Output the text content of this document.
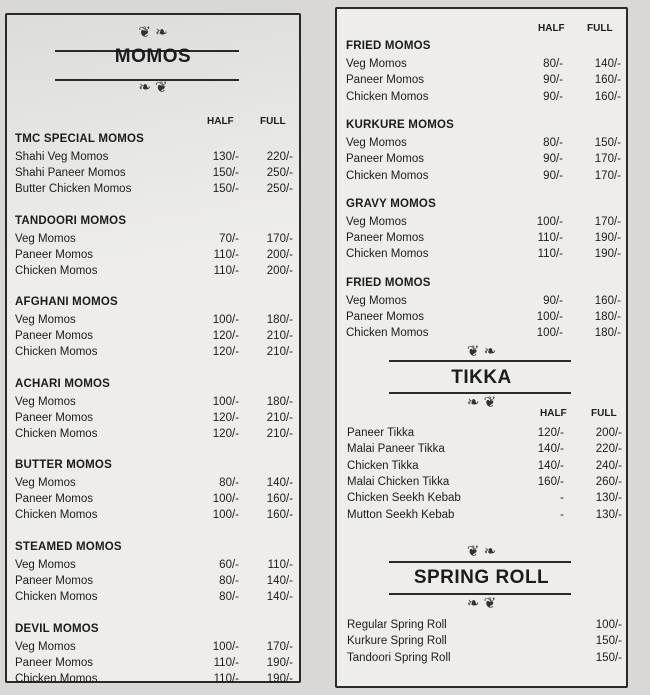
❦ ❧
MOMOS
❧ ❦
HALF	FULL
TMC SPECIAL MOMOS
Shahi Veg Momos	130/- 220/-
Shahi Paneer Momos	150/- 250/-
Butter Chicken Momos	150/- 250/-
TANDOORI MOMOS
Veg Momos	70/- 170/-
Paneer Momos	110/- 200/-
Chicken Momos	110/- 200/-
AFGHANI MOMOS
Veg Momos	100/- 180/-
Paneer Momos	120/- 210/-
Chicken Momos	120/- 210/-
ACHARI MOMOS
Veg Momos	100/- 180/-
Paneer Momos	120/- 210/-
Chicken Momos	120/- 210/-
BUTTER MOMOS
Veg Momos	80/- 140/-
Paneer Momos	100/- 160/-
Chicken Momos	100/- 160/-
STEAMED MOMOS
Veg Momos	60/- 110/-
Paneer Momos	80/- 140/-
Chicken Momos	80/- 140/-
DEVIL MOMOS
Veg Momos	100/- 170/-
Paneer Momos	110/- 190/-
Chicken Momos	110/- 190/-
HALF FULL
FRIED MOMOS
Veg Momos	80/-	140/-
Paneer Momos	90/-	160/-
Chicken Momos	90/-	160/-
KURKURE MOMOS
Veg Momos	80/-	150/-
Paneer Momos	90/-	170/-
Chicken Momos	90/-	170/-
GRAVY MOMOS
Veg Momos	100/-	170/-
Paneer Momos	110/-	190/-
Chicken Momos	110/-	190/-
FRIED MOMOS
Veg Momos	90/-	160/-
Paneer Momos	100/-	180/-
Chicken Momos	100/-	180/-
❦ ❧
TIKKA
❧ ❦
HALF FULL
Paneer Tikka	120/-	200/-
Malai Paneer Tikka	140/-	220/-
Chicken Tikka	140/-	240/-
Malai Chicken Tikka	160/-	260/-
Chicken Seekh Kebab	-	130/-
Mutton Seekh Kebab	-	130/-
❦ ❧
SPRING ROLL
❧ ❦
Regular Spring Roll	100/-
Kurkure Spring Roll	150/-
Tandoori Spring Roll	150/-
